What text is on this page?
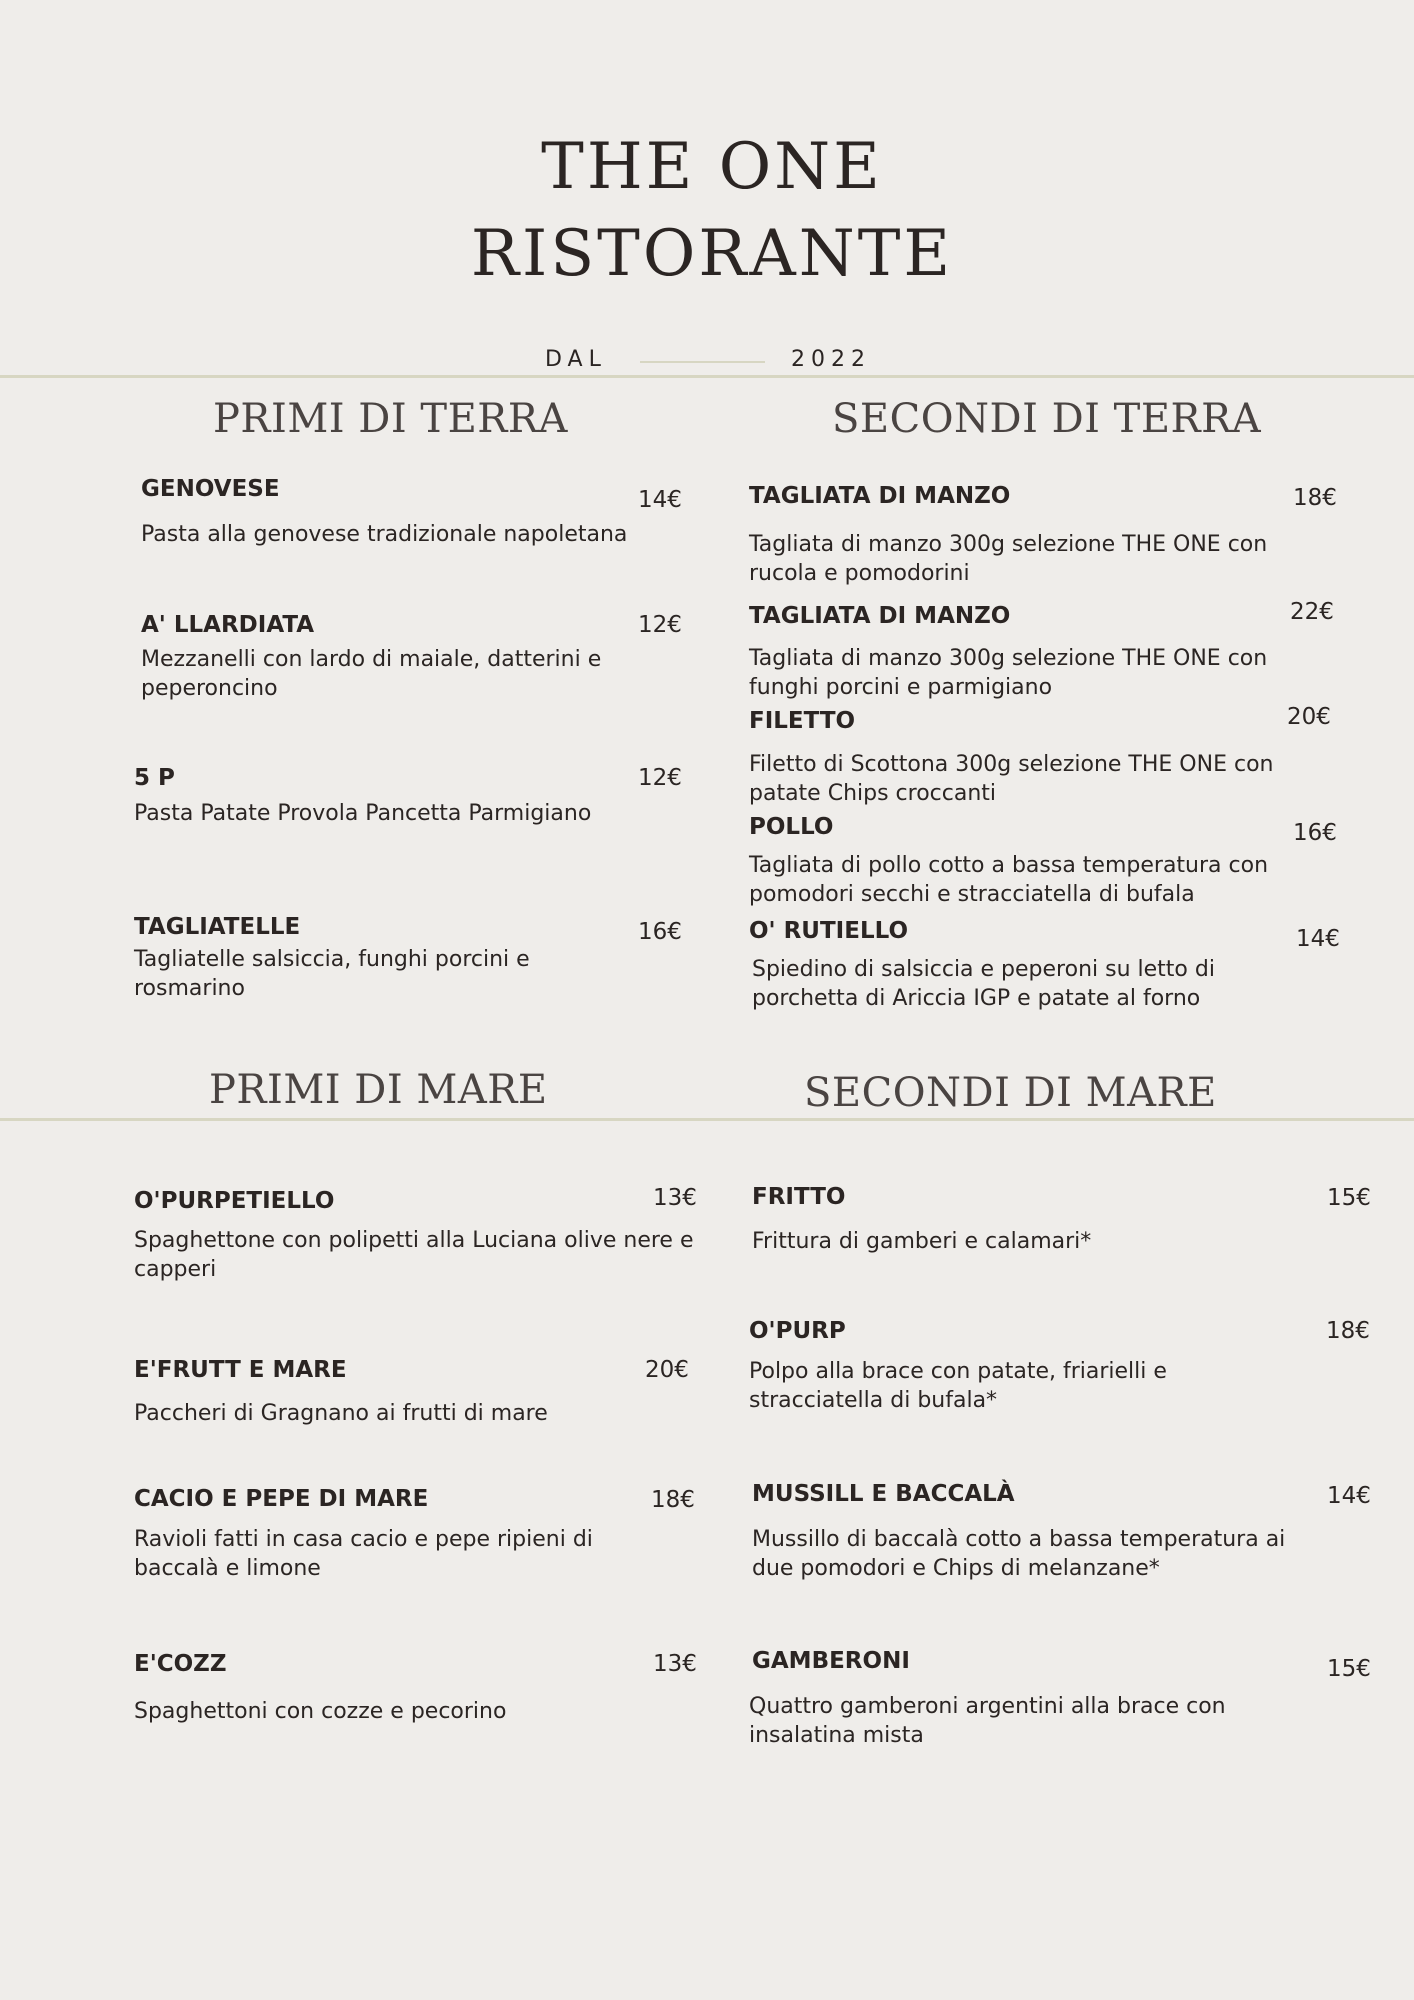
THE ONE
RISTORANTE
DAL	2022
PRIMI DI TERRA	SECONDI DI TERRA
GENOVESE	14€
Pasta alla genovese tradizionale napoletana
A' LLARDIATA	12€
Mezzanelli con lardo di maiale, datterini e peperoncino
5 P	12€
Pasta Patate Provola Pancetta Parmigiano
TAGLIATELLE	16€
Tagliatelle salsiccia, funghi porcini e rosmarino
TAGLIATA DI MANZO	18€
Tagliata di manzo 300g selezione THE ONE con rucola e pomodorini
TAGLIATA DI MANZO	22€
Tagliata di manzo 300g selezione THE ONE con funghi porcini e parmigiano
FILETTO	20€
Filetto di Scottona 300g selezione THE ONE con patate Chips croccanti
POLLO	16€
Tagliata di pollo cotto a bassa temperatura con pomodori secchi e stracciatella di bufala
O' RUTIELLO	14€
Spiedino di salsiccia e peperoni su letto di porchetta di Ariccia IGP e patate al forno
PRIMI DI MARE	SECONDI DI MARE
O'PURPETIELLO	13€
Spaghettone con polipetti alla Luciana olive nere e capperi
E'FRUTT E MARE	20€
Paccheri di Gragnano ai frutti di mare
CACIO E PEPE DI MARE	18€
Ravioli fatti in casa cacio e pepe ripieni di baccalà e limone
E'COZZ	13€
Spaghettoni con cozze e pecorino
FRITTO	15€
Frittura di gamberi e calamari*
O'PURP	18€
Polpo alla brace con patate, friarielli e stracciatella di bufala*
MUSSILL E BACCALÀ	14€
Mussillo di baccalà cotto a bassa temperatura ai due pomodori e Chips di melanzane*
GAMBERONI	15€
Quattro gamberoni argentini alla brace con insalatina mista
